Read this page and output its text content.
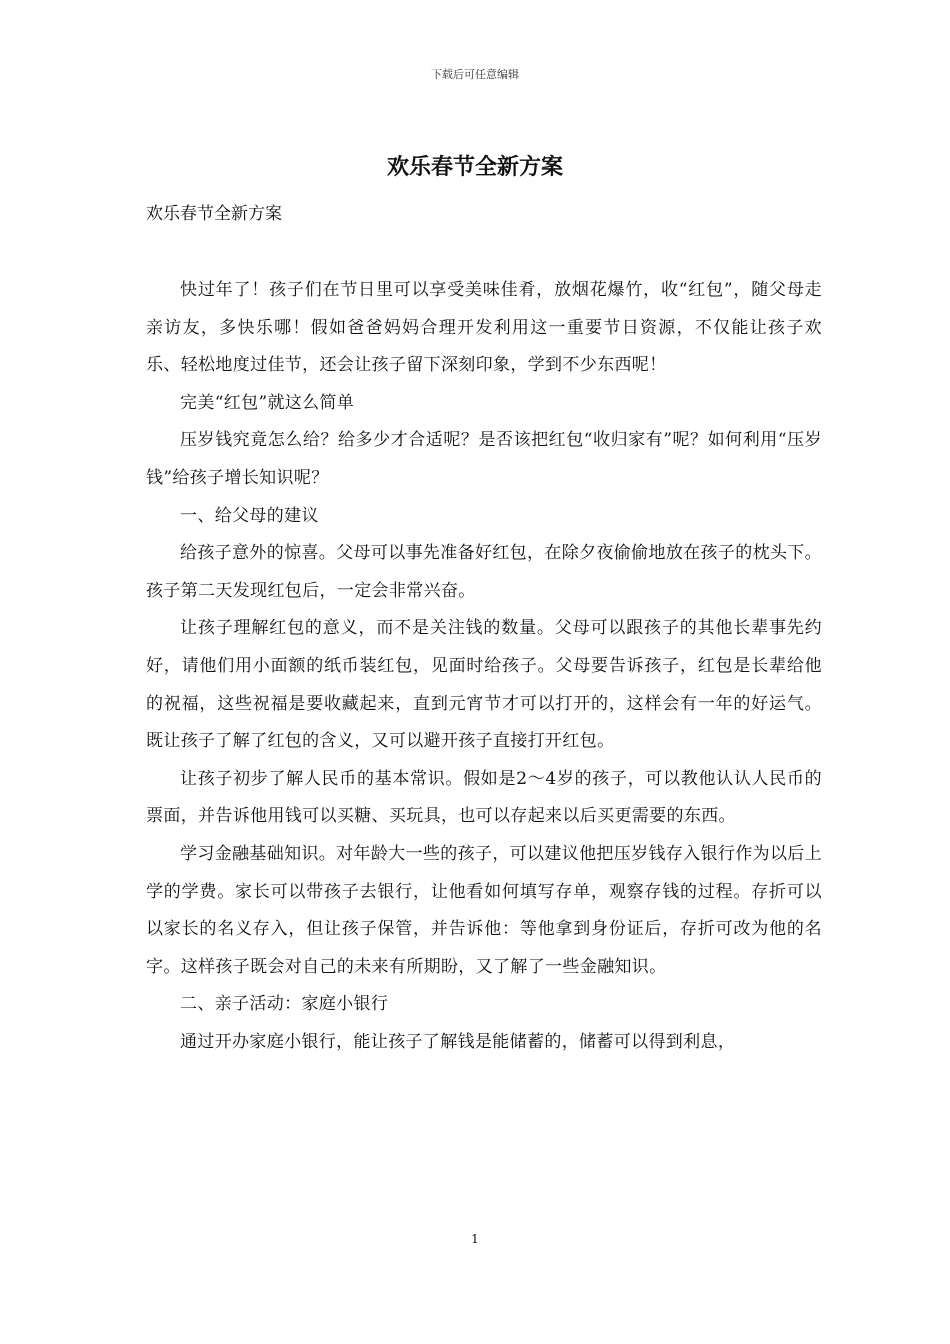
下载后可任意编辑
欢乐春节全新方案

欢乐春节全新方案

快过年了！孩子们在节日里可以享受美味佳肴，放烟花爆竹，收“红包”，随父母走亲访友，多快乐哪！假如爸爸妈妈合理开发利用这一重要节日资源，不仅能让孩子欢乐、轻松地度过佳节，还会让孩子留下深刻印象，学到不少东西呢！

完美“红包”就这么简单

压岁钱究竟怎么给？给多少才合适呢？是否该把红包“收归家有”呢？如何利用“压岁钱”给孩子增长知识呢？

一、给父母的建议

给孩子意外的惊喜。父母可以事先准备好红包，在除夕夜偷偷地放在孩子的枕头下。孩子第二天发现红包后，一定会非常兴奋。

让孩子理解红包的意义，而不是关注钱的数量。父母可以跟孩子的其他长辈事先约好，请他们用小面额的纸币装红包，见面时给孩子。父母要告诉孩子，红包是长辈给他的祝福，这些祝福是要收藏起来，直到元宵节才可以打开的，这样会有一年的好运气。既让孩子了解了红包的含义，又可以避开孩子直接打开红包。

让孩子初步了解人民币的基本常识。假如是2～4岁的孩子，可以教他认认人民币的票面，并告诉他用钱可以买糖、买玩具，也可以存起来以后买更需要的东西。

学习金融基础知识。对年龄大一些的孩子，可以建议他把压岁钱存入银行作为以后上学的学费。家长可以带孩子去银行，让他看如何填写存单，观察存钱的过程。存折可以以家长的名义存入，但让孩子保管，并告诉他：等他拿到身份证后，存折可改为他的名字。这样孩子既会对自己的未来有所期盼，又了解了一些金融知识。

二、亲子活动：家庭小银行

通过开办家庭小银行，能让孩子了解钱是能储蓄的，储蓄可以得到利息，

1
